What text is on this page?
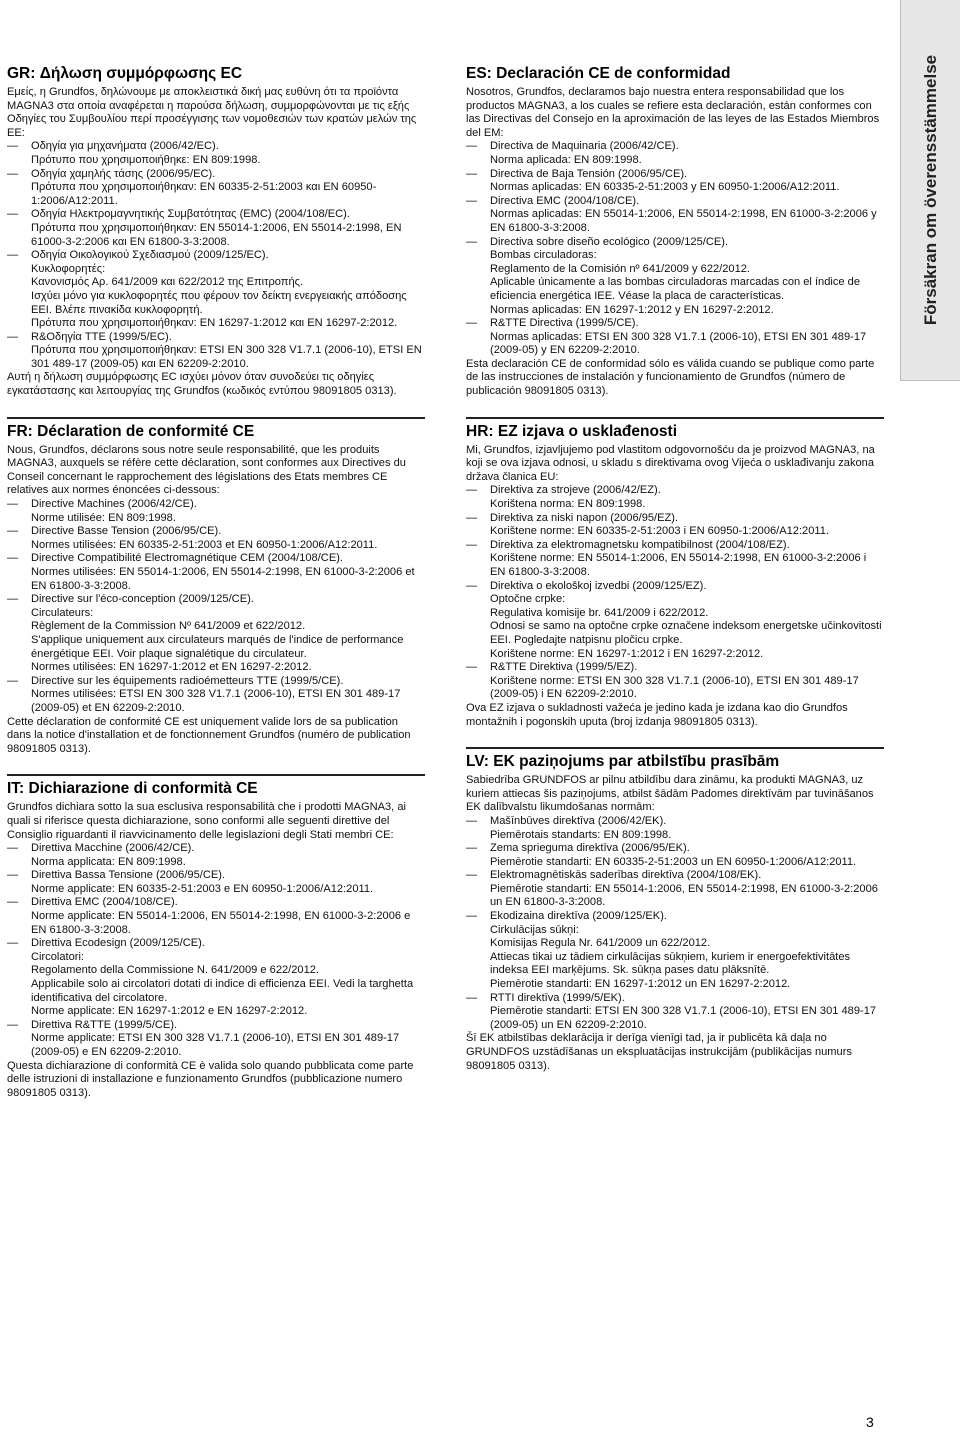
Försäkran om överensstämmelse
GR: Δήλωση συμμόρφωσης EC

Εμείς, η Grundfos, δηλώνουμε με αποκλειστικά δική μας ευθύνη ότι τα προϊόντα MAGNA3 στα οποία αναφέρεται η παρούσα δήλωση, συμμορφώνονται με τις εξής Οδηγίες του Συμβουλίου περί προσέγγισης των νομοθεσιών των κρατών μελών της ΕΕ:

— Οδηγία για μηχανήματα (2006/42/EC).
Πρότυπο που χρησιμοποιήθηκε: EN 809:1998.
— Οδηγία χαμηλής τάσης (2006/95/EC).
Πρότυπα που χρησιμοποιήθηκαν: EN 60335-2-51:2003 και EN 60950-1:2006/A12:2011.
— Οδηγία Ηλεκτρομαγνητικής Συμβατότητας (EMC) (2004/108/EC).
Πρότυπα που χρησιμοποιήθηκαν: EN 55014-1:2006, EN 55014-2:1998, EN 61000-3-2:2006 και EN 61800-3-3:2008.
— Οδηγία Οικολογικού Σχεδιασμού (2009/125/EC).
Κυκλοφορητές:
Κανονισμός Αρ. 641/2009 και 622/2012 της Επιτροπής.
Ισχύει μόνο για κυκλοφορητές που φέρουν τον δείκτη ενεργειακής απόδοσης ΕΕΙ. Βλέπε πινακίδα κυκλοφορητή.
Πρότυπα που χρησιμοποιήθηκαν: EN 16297-1:2012 και EN 16297-2:2012.
— R&Οδηγία TTE (1999/5/EC).
Πρότυπα που χρησιμοποιήθηκαν: ETSI EN 300 328 V1.7.1 (2006-10), ETSI EN 301 489-17 (2009-05) και EN 62209-2:2010.

Αυτή η δήλωση συμμόρφωσης EC ισχύει μόνον όταν συνοδεύει τις οδηγίες εγκατάστασης και λειτουργίας της Grundfos (κωδικός εντύπου 98091805 0313).

FR: Déclaration de conformité CE

Nous, Grundfos, déclarons sous notre seule responsabilité, que les produits MAGNA3, auxquels se réfère cette déclaration, sont conformes aux Directives du Conseil concernant le rapprochement des législations des Etats membres CE relatives aux normes énoncées ci-dessous:

— Directive Machines (2006/42/CE).
Norme utilisée: EN 809:1998.
— Directive Basse Tension (2006/95/CE).
Normes utilisées: EN 60335-2-51:2003 et EN 60950-1:2006/A12:2011.
— Directive Compatibilité Electromagnétique CEM (2004/108/CE).
Normes utilisées: EN 55014-1:2006, EN 55014-2:1998, EN 61000-3-2:2006 et EN 61800-3-3:2008.
— Directive sur l'éco-conception (2009/125/CE).
Circulateurs:
Règlement de la Commission Nº 641/2009 et 622/2012.
S'applique uniquement aux circulateurs marqués de l'indice de performance énergétique EEI. Voir plaque signalétique du circulateur.
Normes utilisées: EN 16297-1:2012 et EN 16297-2:2012.
— Directive sur les équipements radioémetteurs TTE (1999/5/CE).
Normes utilisées: ETSI EN 300 328 V1.7.1 (2006-10), ETSI EN 301 489-17 (2009-05) et EN 62209-2:2010.

Cette déclaration de conformité CE est uniquement valide lors de sa publication dans la notice d'installation et de fonctionnement Grundfos (numéro de publication 98091805 0313).

IT: Dichiarazione di conformità CE

Grundfos dichiara sotto la sua esclusiva responsabilità che i prodotti MAGNA3, ai quali si riferisce questa dichiarazione, sono conformi alle seguenti direttive del Consiglio riguardanti il riavvicinamento delle legislazioni degli Stati membri CE:

— Direttiva Macchine (2006/42/CE).
Norma applicata: EN 809:1998.
— Direttiva Bassa Tensione (2006/95/CE).
Norme applicate: EN 60335-2-51:2003 e EN 60950-1:2006/A12:2011.
— Direttiva EMC (2004/108/CE).
Norme applicate: EN 55014-1:2006, EN 55014-2:1998, EN 61000-3-2:2006 e EN 61800-3-3:2008.
— Direttiva Ecodesign (2009/125/CE).
Circolatori:
Regolamento della Commissione N. 641/2009 e 622/2012.
Applicabile solo ai circolatori dotati di indice di efficienza EEI. Vedi la targhetta identificativa del circolatore.
Norme applicate: EN 16297-1:2012 e EN 16297-2:2012.
— Direttiva R&TTE (1999/5/CE).
Norme applicate: ETSI EN 300 328 V1.7.1 (2006-10), ETSI EN 301 489-17 (2009-05) e EN 62209-2:2010.

Questa dichiarazione di conformità CE è valida solo quando pubblicata come parte delle istruzioni di installazione e funzionamento Grundfos (pubblicazione numero 98091805 0313).

ES: Declaración CE de conformidad

Nosotros, Grundfos, declaramos bajo nuestra entera responsabilidad que los productos MAGNA3, a los cuales se refiere esta declaración, están conformes con las Directivas del Consejo en la aproximación de las leyes de las Estados Miembros del EM:

— Directiva de Maquinaria (2006/42/CE).
Norma aplicada: EN 809:1998.
— Directiva de Baja Tensión (2006/95/CE).
Normas aplicadas: EN 60335-2-51:2003 y EN 60950-1:2006/A12:2011.
— Directiva EMC (2004/108/CE).
Normas aplicadas: EN 55014-1:2006, EN 55014-2:1998, EN 61000-3-2:2006 y EN 61800-3-3:2008.
— Directiva sobre diseño ecológico (2009/125/CE).
Bombas circuladoras:
Reglamento de la Comisión nº 641/2009 y 622/2012.
Aplicable únicamente a las bombas circuladoras marcadas con el índice de eficiencia energética IEE. Véase la placa de características.
Normas aplicadas: EN 16297-1:2012 y EN 16297-2:2012.
— R&TTE Directiva (1999/5/CE).
Normas aplicadas: ETSI EN 300 328 V1.7.1 (2006-10), ETSI EN 301 489-17 (2009-05) y EN 62209-2:2010.

Esta declaración CE de conformidad sólo es válida cuando se publique como parte de las instrucciones de instalación y funcionamiento de Grundfos (número de publicación 98091805 0313).

HR: EZ izjava o usklađenosti

Mi, Grundfos, izjavljujemo pod vlastitom odgovornošću da je proizvod MAGNA3, na koji se ova izjava odnosi, u skladu s direktivama ovog Vijeća o usklađivanju zakona država članica EU:

— Direktiva za strojeve (2006/42/EZ).
Korištena norma: EN 809:1998.
— Direktiva za niski napon (2006/95/EZ).
Korištene norme: EN 60335-2-51:2003 i EN 60950-1:2006/A12:2011.
— Direktiva za elektromagnetsku kompatibilnost (2004/108/EZ).
Korištene norme: EN 55014-1:2006, EN 55014-2:1998, EN 61000-3-2:2006 i EN 61800-3-3:2008.
— Direktiva o ekološkoj izvedbi (2009/125/EZ).
Optočne crpke:
Regulativa komisije br. 641/2009 i 622/2012.
Odnosi se samo na optočne crpke označene indeksom energetske učinkovitosti EEI. Pogledajte natpisnu pločicu crpke.
Korištene norme: EN 16297-1:2012 i EN 16297-2:2012.
— R&TTE Direktiva (1999/5/EZ).
Korištene norme: ETSI EN 300 328 V1.7.1 (2006-10), ETSI EN 301 489-17 (2009-05) i EN 62209-2:2010.

Ova EZ izjava o sukladnosti važeća je jedino kada je izdana kao dio Grundfos montažnih i pogonskih uputa (broj izdanja 98091805 0313).

LV: EK paziņojums par atbilstību prasībām

Sabiedrība GRUNDFOS ar pilnu atbildību dara zināmu, ka produkti MAGNA3, uz kuriem attiecas šis paziņojums, atbilst šādām Padomes direktīvām par tuvināšanos EK dalībvalstu likumdošanas normām:

— Mašīnbūves direktīva (2006/42/EK).
Piemērotais standarts: EN 809:1998.
— Zema sprieguma direktīva (2006/95/EK).
Piemērotie standarti: EN 60335-2-51:2003 un EN 60950-1:2006/A12:2011.
— Elektromagnētiskās saderības direktīva (2004/108/EK).
Piemērotie standarti: EN 55014-1:2006, EN 55014-2:1998, EN 61000-3-2:2006 un EN 61800-3-3:2008.
— Ekodizaina direktīva (2009/125/EK).
Cirkulācijas sūkņi:
Komisijas Regula Nr. 641/2009 un 622/2012.
Attiecas tikai uz tādiem cirkulācijas sūkņiem, kuriem ir energoefektivitātes indeksa EEI marķējums. Sk. sūkņa pases datu plāksnītē.
Piemērotie standarti: EN 16297-1:2012 un EN 16297-2:2012.
— RTTI direktīva (1999/5/EK).
Piemērotie standarti: ETSI EN 300 328 V1.7.1 (2006-10), ETSI EN 301 489-17 (2009-05) un EN 62209-2:2010.

Šī EK atbilstības deklarācija ir derīga vienīgi tad, ja ir publicēta kā daļa no GRUNDFOS uzstādīšanas un ekspluatācijas instrukcijām (publikācijas numurs 98091805 0313).

3
